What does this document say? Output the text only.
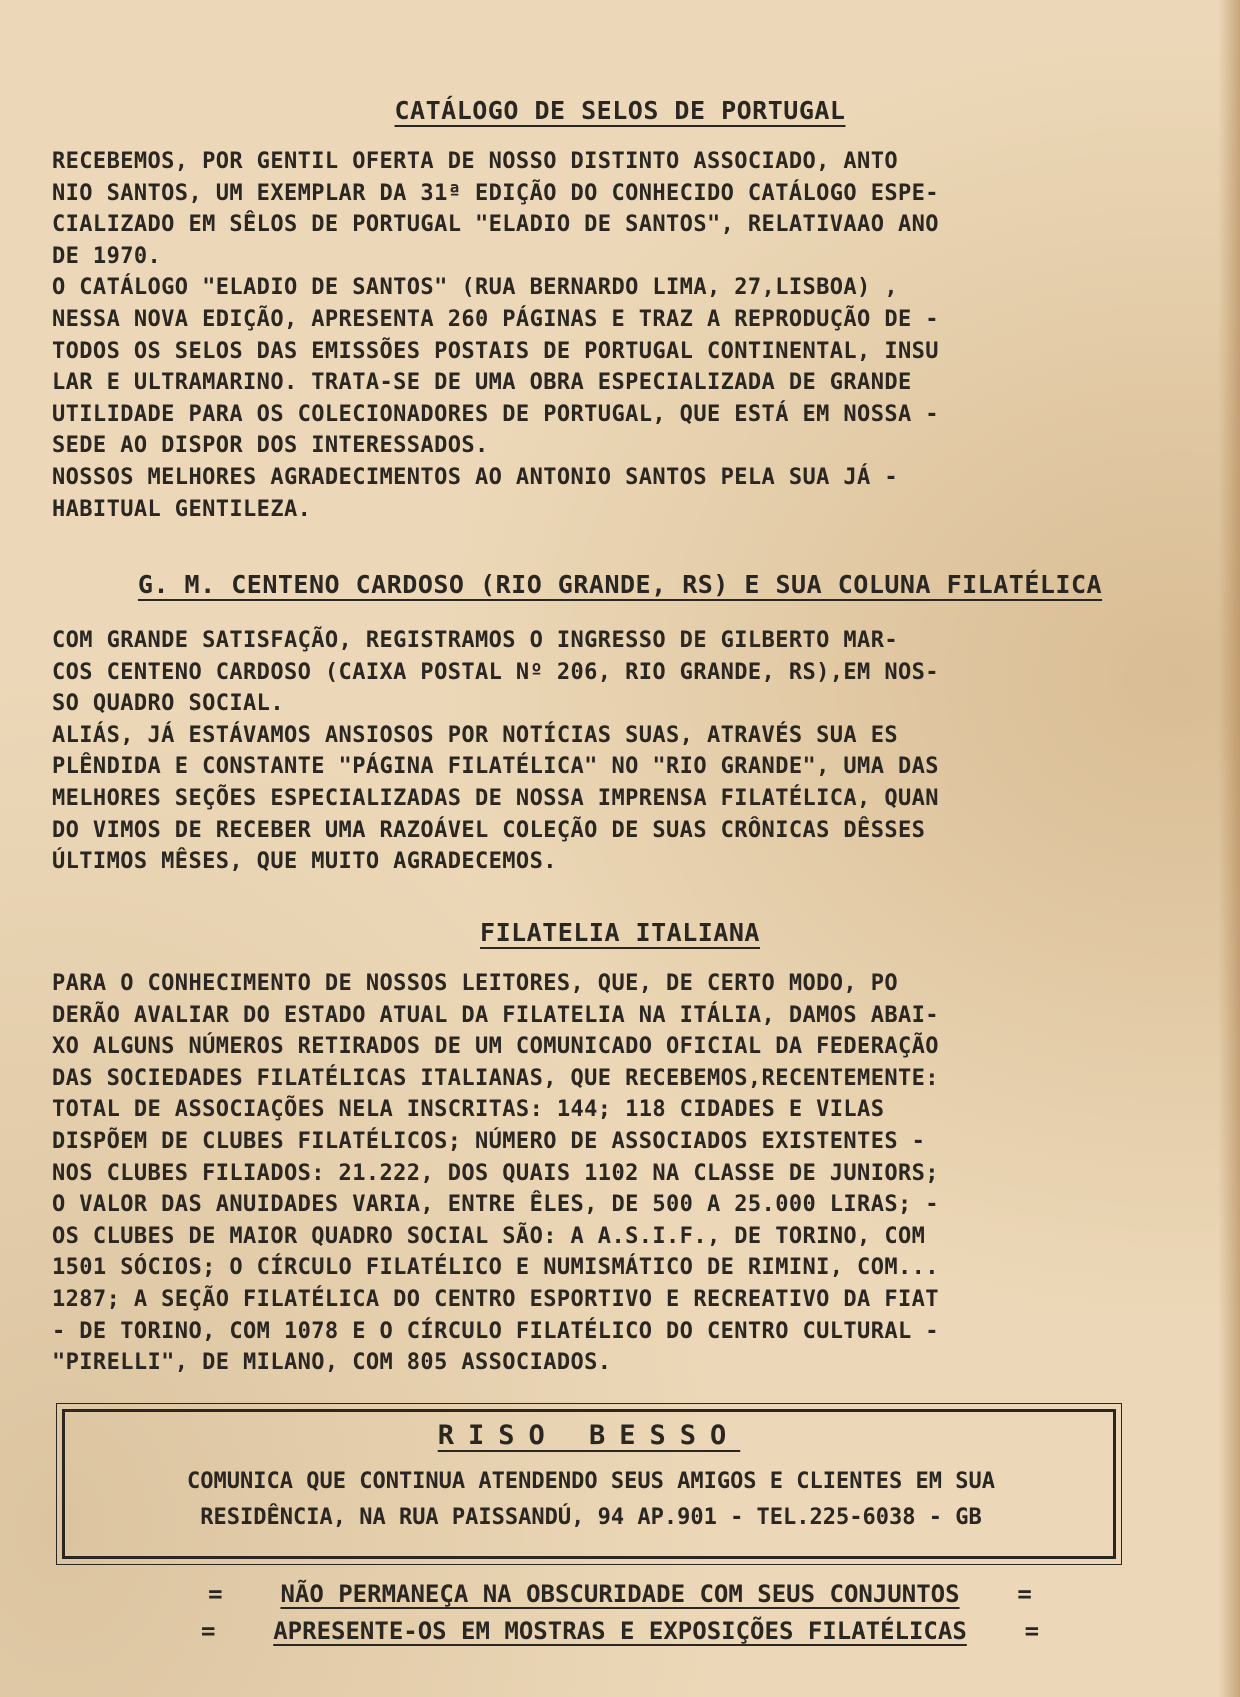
CATÁLOGO DE SELOS DE PORTUGAL
RECEBEMOS, POR GENTIL OFERTA DE NOSSO DISTINTO ASSOCIADO, ANTO
NIO SANTOS, UM EXEMPLAR DA 31ª EDIÇÃO DO CONHECIDO CATÁLOGO ESPE-
CIALIZADO EM SÊLOS DE PORTUGAL "ELADIO DE SANTOS", RELATIVAAO ANO
DE 1970.
O CATÁLOGO "ELADIO DE SANTOS" (RUA BERNARDO LIMA, 27,LISBOA) ,
NESSA NOVA EDIÇÃO, APRESENTA 260 PÁGINAS E TRAZ A REPRODUÇÃO DE -
TODOS OS SELOS DAS EMISSÕES POSTAIS DE PORTUGAL CONTINENTAL, INSU
LAR E ULTRAMARINO. TRATA-SE DE UMA OBRA ESPECIALIZADA DE GRANDE
UTILIDADE PARA OS COLECIONADORES DE PORTUGAL, QUE ESTÁ EM NOSSA -
SEDE AO DISPOR DOS INTERESSADOS.
NOSSOS MELHORES AGRADECIMENTOS AO ANTONIO SANTOS PELA SUA JÁ -
HABITUAL GENTILEZA.
G. M. CENTENO CARDOSO (RIO GRANDE, RS) E SUA COLUNA FILATÉLICA
COM GRANDE SATISFAÇÃO, REGISTRAMOS O INGRESSO DE GILBERTO MAR-
COS CENTENO CARDOSO (CAIXA POSTAL Nº 206, RIO GRANDE, RS),EM NOS-
SO QUADRO SOCIAL.
ALIÁS, JÁ ESTÁVAMOS ANSIOSOS POR NOTÍCIAS SUAS, ATRAVÉS SUA ES
PLÊNDIDA E CONSTANTE "PÁGINA FILATÉLICA" NO "RIO GRANDE", UMA DAS
MELHORES SEÇÕES ESPECIALIZADAS DE NOSSA IMPRENSA FILATÉLICA, QUAN
DO VIMOS DE RECEBER UMA RAZOÁVEL COLEÇÃO DE SUAS CRÔNICAS DÊSSES
ÚLTIMOS MÊSES, QUE MUITO AGRADECEMOS.
FILATELIA ITALIANA
PARA O CONHECIMENTO DE NOSSOS LEITORES, QUE, DE CERTO MODO, PO
DERÃO AVALIAR DO ESTADO ATUAL DA FILATELIA NA ITÁLIA, DAMOS ABAI-
XO ALGUNS NÚMEROS RETIRADOS DE UM COMUNICADO OFICIAL DA FEDERAÇÃO
DAS SOCIEDADES FILATÉLICAS ITALIANAS, QUE RECEBEMOS,RECENTEMENTE:
TOTAL DE ASSOCIAÇÕES NELA INSCRITAS: 144; 118 CIDADES E VILAS
DISPÕEM DE CLUBES FILATÉLICOS; NÚMERO DE ASSOCIADOS EXISTENTES -
NOS CLUBES FILIADOS: 21.222, DOS QUAIS 1102 NA CLASSE DE JUNIORS;
O VALOR DAS ANUIDADES VARIA, ENTRE ÊLES, DE 500 A 25.000 LIRAS; -
OS CLUBES DE MAIOR QUADRO SOCIAL SÃO: A A.S.I.F., DE TORINO, COM
1501 SÓCIOS; O CÍRCULO FILATÉLICO E NUMISMÁTICO DE RIMINI, COM...
1287; A SEÇÃO FILATÉLICA DO CENTRO ESPORTIVO E RECREATIVO DA FIAT
- DE TORINO, COM 1078 E O CÍRCULO FILATÉLICO DO CENTRO CULTURAL -
"PIRELLI", DE MILANO, COM 805 ASSOCIADOS.
RISO BESSO
COMUNICA QUE CONTINUA ATENDENDO SEUS AMIGOS E CLIENTES EM SUA
RESIDÊNCIA, NA RUA PAISSANDÚ, 94 AP.901 - TEL.225-6038 - GB
= NÃO PERMANEÇA NA OBSCURIDADE COM SEUS CONJUNTOS =
= APRESENTE-OS EM MOSTRAS E EXPOSIÇÕES FILATÉLICAS =
